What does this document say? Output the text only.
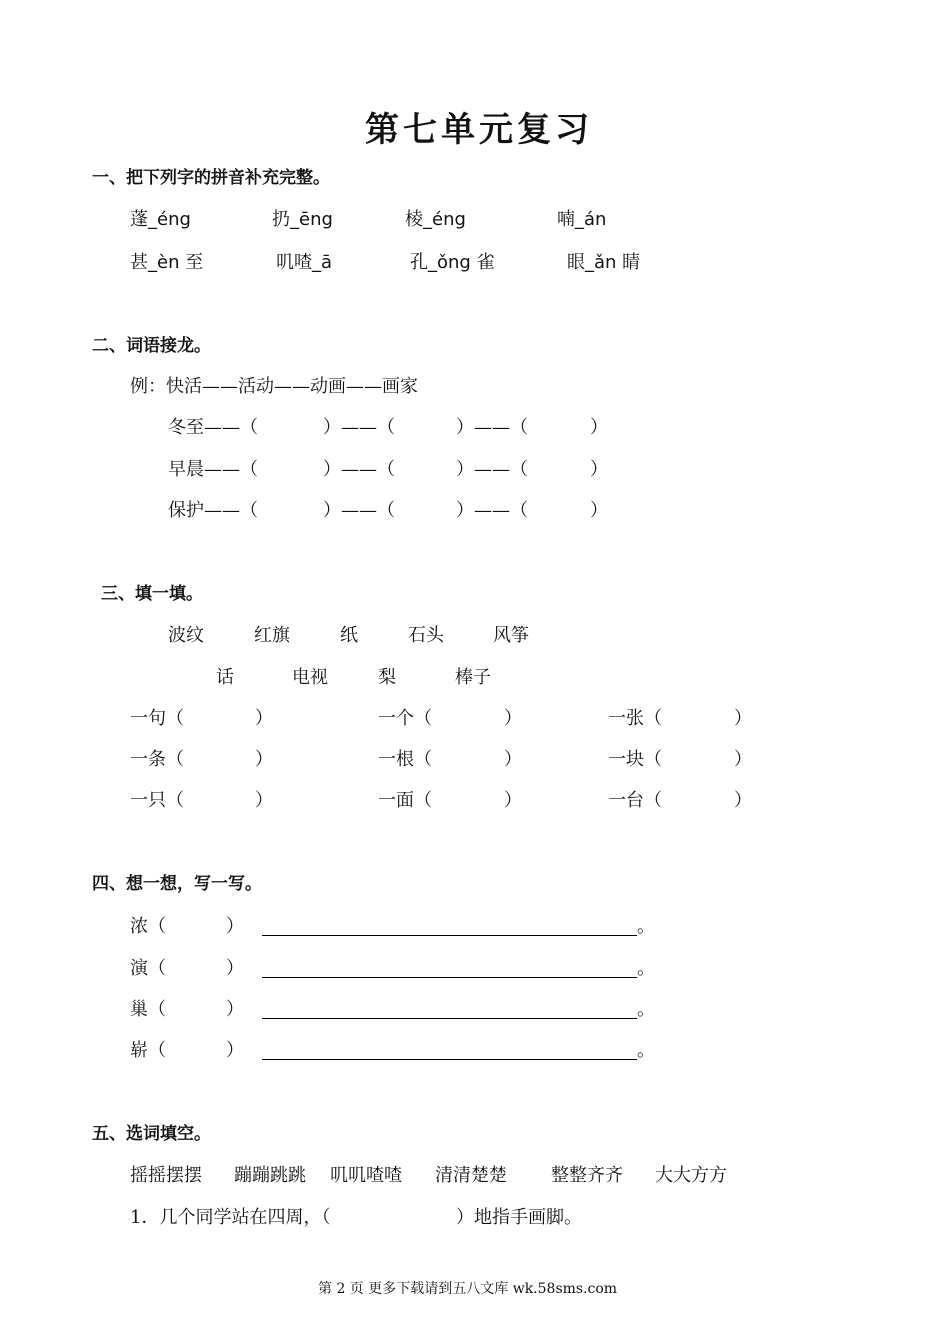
第七单元复习
一、把下列字的拼音补充完整。
蓬_éng	扔_ēng	棱_éng	喃_án
甚_èn 至	叽喳_ā	孔_ǒng 雀	眼_ǎn 睛
二、词语接龙。
例：快活——活动——动画——画家
冬至——（	）——（	）——（	）
早晨——（	）——（	）——（	）
保护——（	）——（	）——（	）
三、填一填。
波纹	红旗	纸	石头	风筝
话	电视	梨	棒子
一句（	）	一个（	）	一张（	）
一条（	）	一根（	）	一块（	）
一只（	）	一面（	）	一台（	）
四、想一想，写一写。
浓（	）	。
演（	）	。
巢（	）	。
崭（	）	。
五、选词填空。
摇摇摆摆 蹦蹦跳跳 叽叽喳喳 清清楚楚 整整齐齐 大大方方
1．几个同学站在四周，（	）地指手画脚。
第 2 页 更多下载请到五八文库 wk.58sms.com
